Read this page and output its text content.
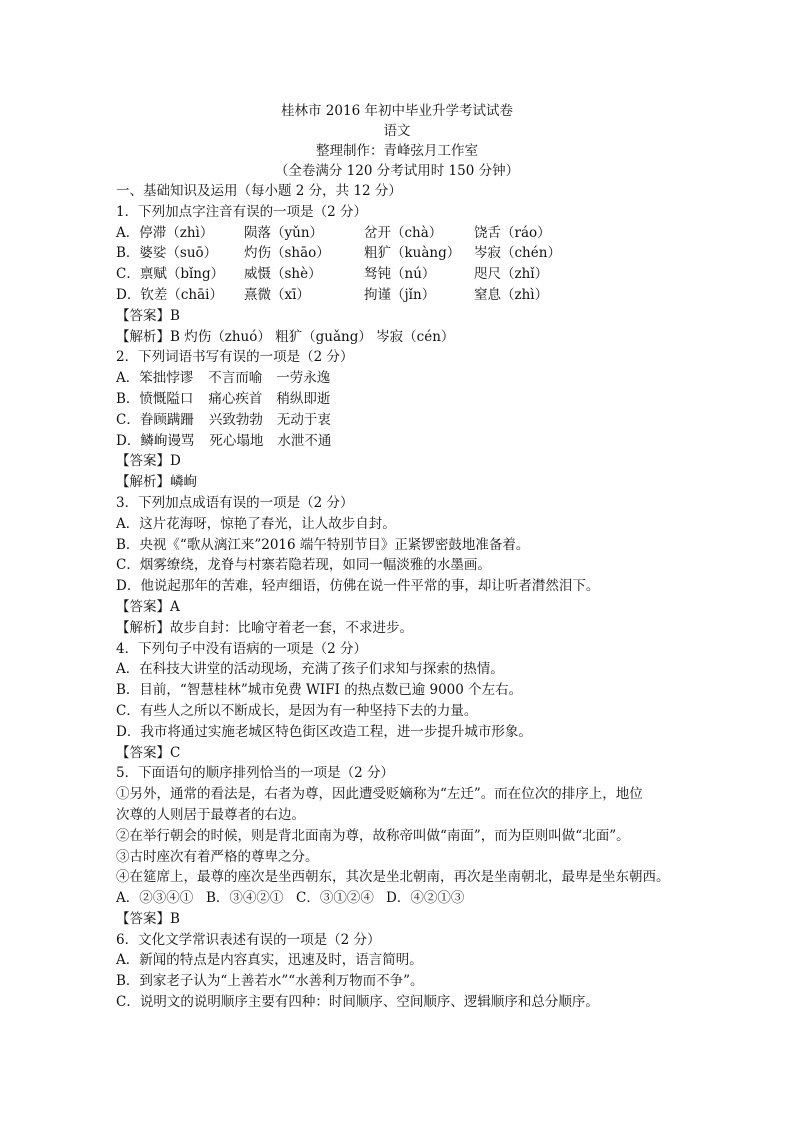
桂林市 2016 年初中毕业升学考试试卷
语文
整理制作：青峰弦月工作室
（全卷满分 120 分考试用时 150 分钟）
一、基础知识及运用（每小题 2 分，共 12 分）
1．下列加点字注音有误的一项是（2 分）
A．停滞（zhì） 陨落（yǔn）	岔开（chà） 饶舌（ráo）
B．婆娑（suō） 灼伤（shāo）	粗犷（kuàng） 岑寂（chén）
C．禀赋（bǐng） 威慑（shè）	驽钝（nú）	咫尺（zhǐ）
D．钦差（chāi） 熹微（xī）	拘谨（jǐn）	窒息（zhì）
【答案】B
【解析】B 灼伤（zhuó） 粗犷（guǎng） 岑寂（cén）
2．下列词语书写有误的一项是（2 分）
A．笨拙悖谬 不言而喻 一劳永逸
B．愤慨隘口 痛心疾首 稍纵即逝
C．眷顾蹒跚 兴致勃勃 无动于衷
D．鳞峋谩骂 死心塌地 水泄不通
【答案】D
【解析】嶙峋
3．下列加点成语有误的一项是（2 分）
A．这片花海呀，惊艳了春光，让人故步自封。
B．央视《“歌从漓江来”2016 端午特别节目》正紧锣密鼓地准备着。
C．烟雾缭绕，龙脊与村寨若隐若现，如同一幅淡雅的水墨画。
D．他说起那年的苦难，轻声细语，仿佛在说一件平常的事，却让听者潸然泪下。
【答案】A
【解析】故步自封：比喻守着老一套，不求进步。
4．下列句子中没有语病的一项是（2 分）
A．在科技大讲堂的活动现场，充满了孩子们求知与探索的热情。
B．目前，“智慧桂林”城市免费 WIFI 的热点数已逾 9000 个左右。
C．有些人之所以不断成长，是因为有一种坚持下去的力量。
D．我市将通过实施老城区特色街区改造工程，进一步提升城市形象。
【答案】C
5．下面语句的顺序排列恰当的一项是（2 分）
①另外，通常的看法是，右者为尊，因此遭受贬嫡称为“左迁”。而在位次的排序上，地位
次尊的人则居于最尊者的右边。
②在举行朝会的时候，则是背北面南为尊，故称帝叫做“南面”，而为臣则叫做“北面”。
③古时座次有着严格的尊卑之分。
④在筵席上，最尊的座次是坐西朝东，其次是坐北朝南，再次是坐南朝北，最卑是坐东朝西。
A．②③④① B．③④②① C．③①②④ D．④②①③
【答案】B
6．文化文学常识表述有误的一项是（2 分）
A．新闻的特点是内容真实，迅速及时，语言简明。
B．到家老子认为“上善若水”“水善利万物而不争”。
C．说明文的说明顺序主要有四种：时间顺序、空间顺序、逻辑顺序和总分顺序。
